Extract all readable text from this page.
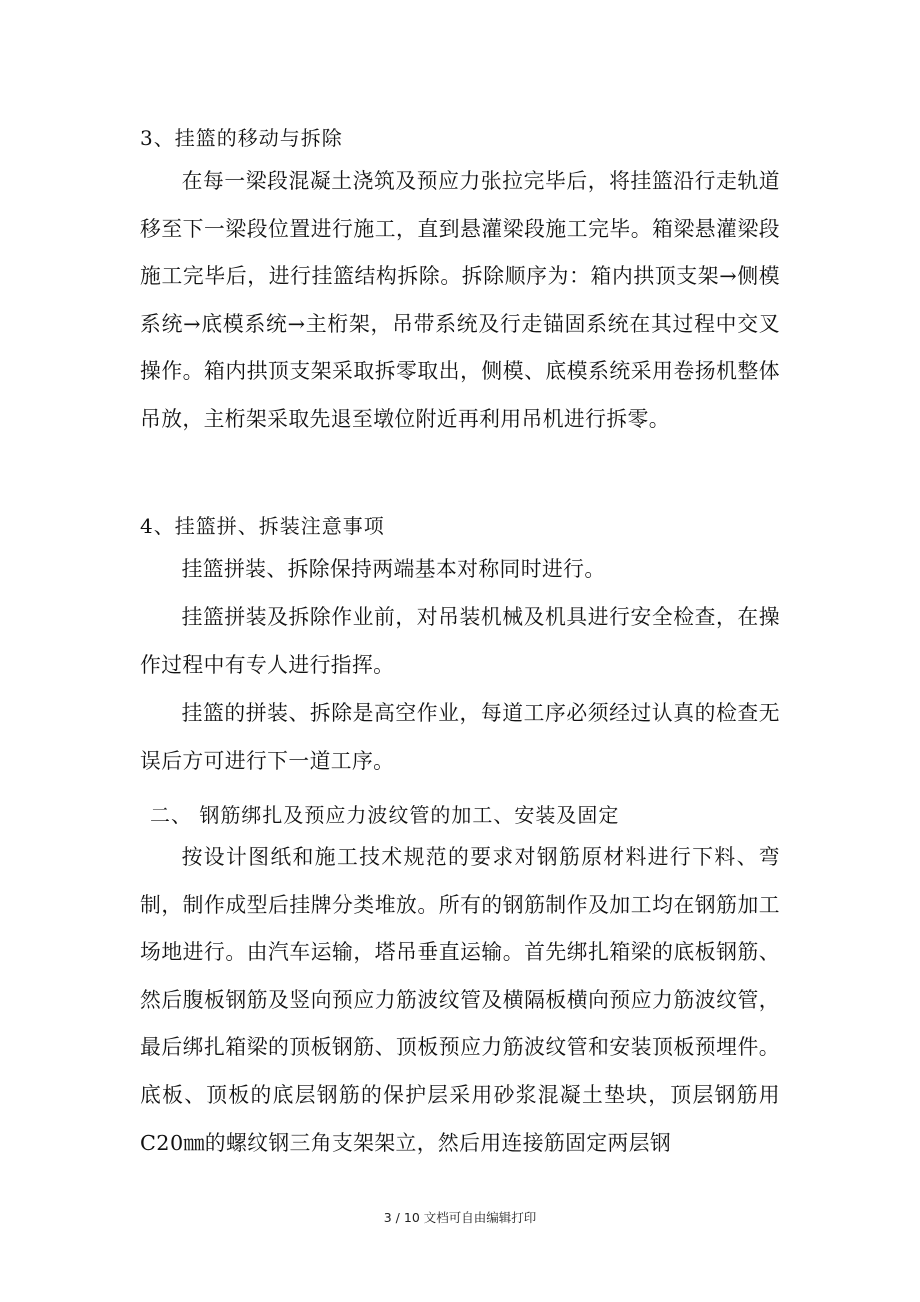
3、挂篮的移动与拆除

在每一梁段混凝土浇筑及预应力张拉完毕后，将挂篮沿行走轨道移至下一梁段位置进行施工，直到悬灌梁段施工完毕。箱梁悬灌梁段施工完毕后，进行挂篮结构拆除。拆除顺序为：箱内拱顶支架→侧模系统→底模系统→主桁架，吊带系统及行走锚固系统在其过程中交叉操作。箱内拱顶支架采取拆零取出，侧模、底模系统采用卷扬机整体吊放，主桁架采取先退至墩位附近再利用吊机进行拆零。

4、挂篮拼、拆装注意事项

挂篮拼装、拆除保持两端基本对称同时进行。

挂篮拼装及拆除作业前，对吊装机械及机具进行安全检查，在操作过程中有专人进行指挥。

挂篮的拼装、拆除是高空作业，每道工序必须经过认真的检查无误后方可进行下一道工序。

二、 钢筋绑扎及预应力波纹管的加工、安装及固定

按设计图纸和施工技术规范的要求对钢筋原材料进行下料、弯制，制作成型后挂牌分类堆放。所有的钢筋制作及加工均在钢筋加工场地进行。由汽车运输，塔吊垂直运输。首先绑扎箱梁的底板钢筋、然后腹板钢筋及竖向预应力筋波纹管及横隔板横向预应力筋波纹管，最后绑扎箱梁的顶板钢筋、顶板预应力筋波纹管和安装顶板预埋件。底板、顶板的底层钢筋的保护层采用砂浆混凝土垫块，顶层钢筋用Ⅽ20㎜的螺纹钢三角支架架立，然后用连接筋固定两层钢

3 / 10 文档可自由编辑打印
